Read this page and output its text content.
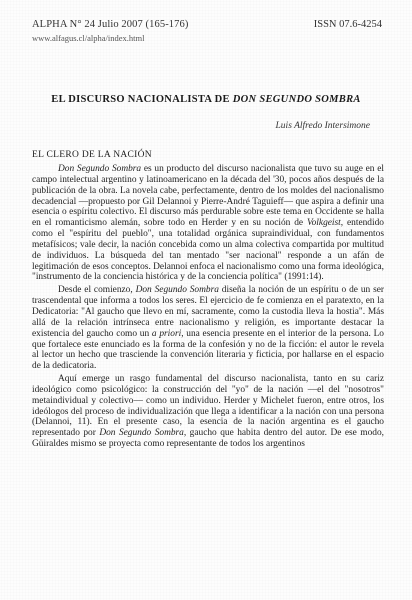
ALPHA N° 24 Julio 2007 (165-176)
www.alfagus.cl/alpha/index.html
ISSN 07.6-4254
EL DISCURSO NACIONALISTA DE DON SEGUNDO SOMBRA
Luis Alfredo Intersimone
EL CLERO DE LA NACIÓN

Don Segundo Sombra es un producto del discurso nacionalista que tuvo su auge en el campo intelectual argentino y latinoamericano en la década del '30, pocos años después de la publicación de la obra. La novela cabe, perfectamente, dentro de los moldes del nacionalismo decadencial —propuesto por Gil Delannoi y Pierre-André Taguieff— que aspira a definir una esencia o espíritu colectivo. El discurso más perdurable sobre este tema en Occidente se halla en el romanticismo alemán, sobre todo en Herder y en su noción de Volkgeist, entendido como el "espíritu del pueblo", una totalidad orgánica supraindividual, con fundamentos metafísicos; vale decir, la nación concebida como un alma colectiva compartida por multitud de individuos. La búsqueda del tan mentado "ser nacional" responde a un afán de legitimación de esos conceptos. Delannoi enfoca el nacionalismo como una forma ideológica, "instrumento de la conciencia histórica y de la conciencia política" (1991:14).

Desde el comienzo, Don Segundo Sombra diseña la noción de un espíritu o de un ser trascendental que informa a todos los seres. El ejercicio de fe comienza en el paratexto, en la Dedicatoria: "Al gaucho que llevo en mí, sacramente, como la custodia lleva la hostia". Más allá de la relación intrínseca entre nacionalismo y religión, es importante destacar la existencia del gaucho como un a priori, una esencia presente en el interior de la persona. Lo que fortalece este enunciado es la forma de la confesión y no de la ficción: el autor le revela al lector un hecho que trasciende la convención literaria y ficticia, por hallarse en el espacio de la dedicatoria.

Aquí emerge un rasgo fundamental del discurso nacionalista, tanto en su cariz ideológico como psicológico: la construcción del "yo" de la nación —el del "nosotros" metaindividual y colectivo— como un individuo. Herder y Michelet fueron, entre otros, los ideólogos del proceso de individualización que llega a identificar a la nación con una persona (Delannoi, 11). En el presente caso, la esencia de la nación argentina es el gaucho representado por Don Segundo Sombra, gaucho que habita dentro del autor. De ese modo, Güiraldes mismo se proyecta como representante de todos los argentinos
